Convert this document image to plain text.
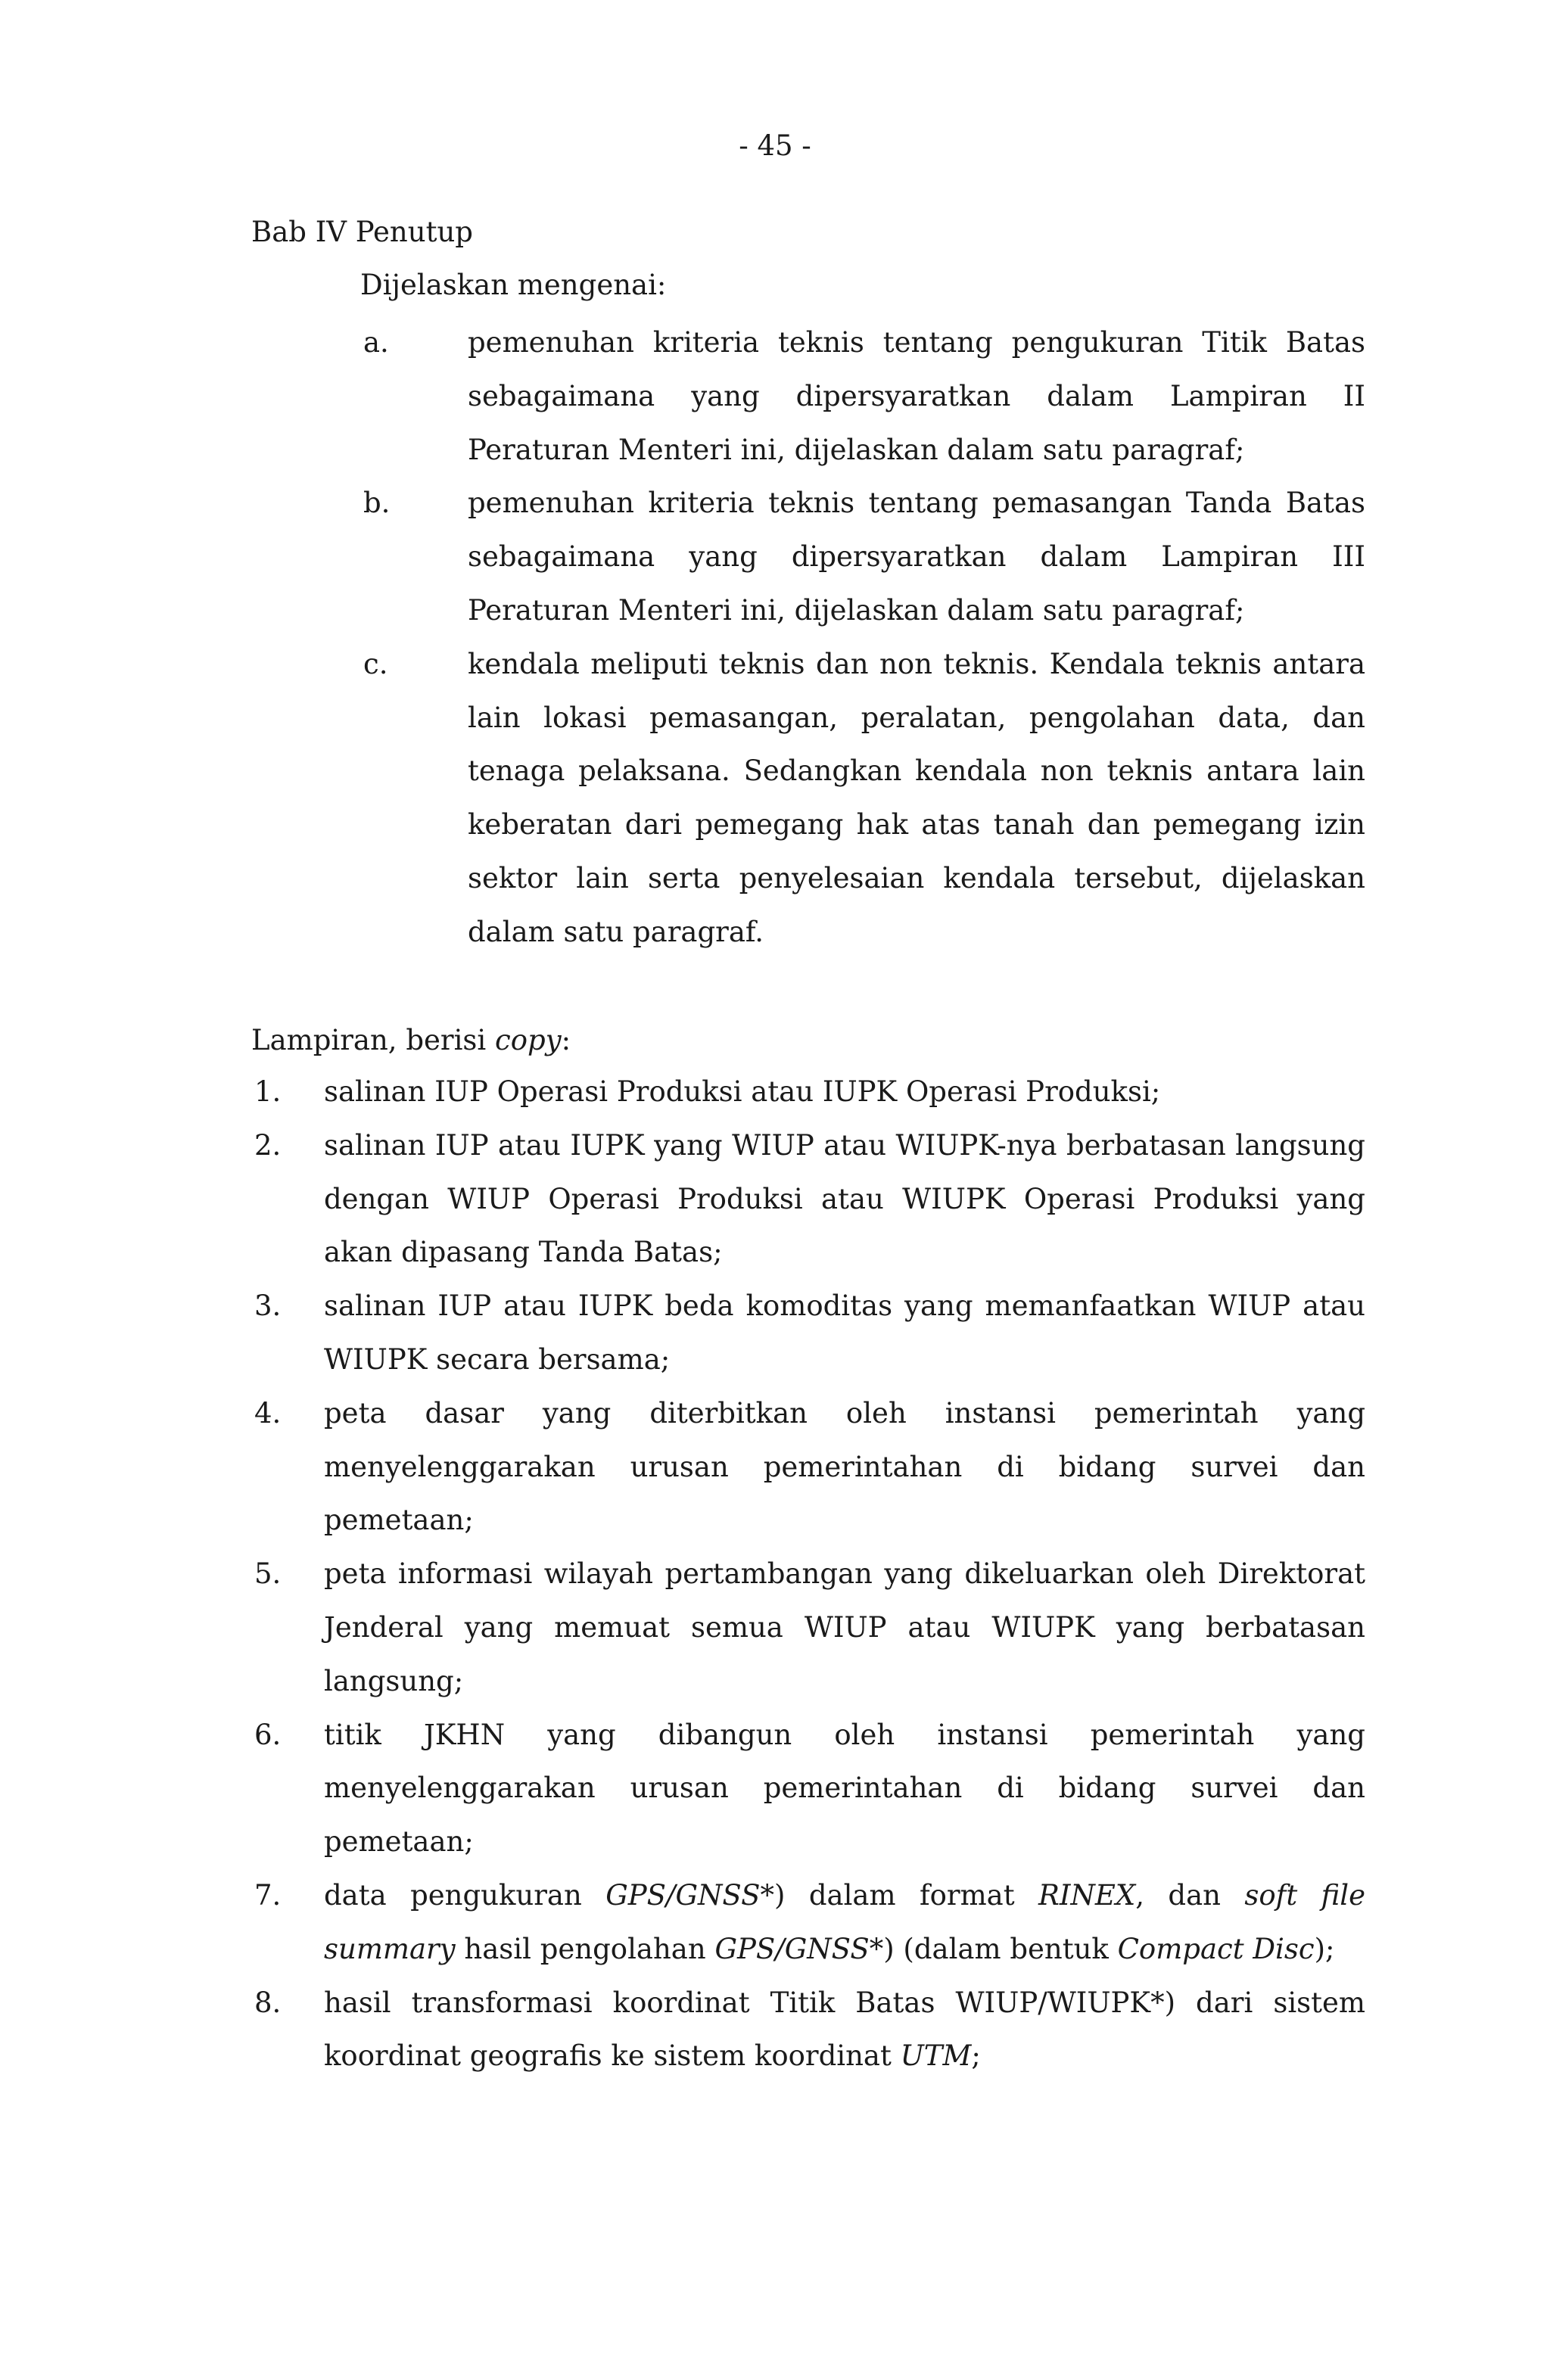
- 45 -
Bab IV Penutup
Dijelaskan mengenai:
a.	pemenuhan kriteria teknis tentang pengukuran Titik Batas sebagaimana yang dipersyaratkan dalam Lampiran II Peraturan Menteri ini, dijelaskan dalam satu paragraf;
b.	pemenuhan kriteria teknis tentang pemasangan Tanda Batas sebagaimana yang dipersyaratkan dalam Lampiran III Peraturan Menteri ini, dijelaskan dalam satu paragraf;
c.	kendala meliputi teknis dan non teknis. Kendala teknis antara lain lokasi pemasangan, peralatan, pengolahan data, dan tenaga pelaksana. Sedangkan kendala non teknis antara lain keberatan dari pemegang hak atas tanah dan pemegang izin sektor lain serta penyelesaian kendala tersebut, dijelaskan dalam satu paragraf.
Lampiran, berisi copy:
1. salinan IUP Operasi Produksi atau IUPK Operasi Produksi;
2. salinan IUP atau IUPK yang WIUP atau WIUPK-nya berbatasan langsung dengan WIUP Operasi Produksi atau WIUPK Operasi Produksi yang akan dipasang Tanda Batas;
3. salinan IUP atau IUPK beda komoditas yang memanfaatkan WIUP atau WIUPK secara bersama;
4. peta dasar yang diterbitkan oleh instansi pemerintah yang menyelenggarakan urusan pemerintahan di bidang survei dan pemetaan;
5. peta informasi wilayah pertambangan yang dikeluarkan oleh Direktorat Jenderal yang memuat semua WIUP atau WIUPK yang berbatasan langsung;
6. titik JKHN yang dibangun oleh instansi pemerintah yang menyelenggarakan urusan pemerintahan di bidang survei dan pemetaan;
7. data pengukuran GPS/GNSS*) dalam format RINEX, dan soft file summary hasil pengolahan GPS/GNSS*) (dalam bentuk Compact Disc);
8. hasil transformasi koordinat Titik Batas WIUP/WIUPK*) dari sistem koordinat geografis ke sistem koordinat UTM;
